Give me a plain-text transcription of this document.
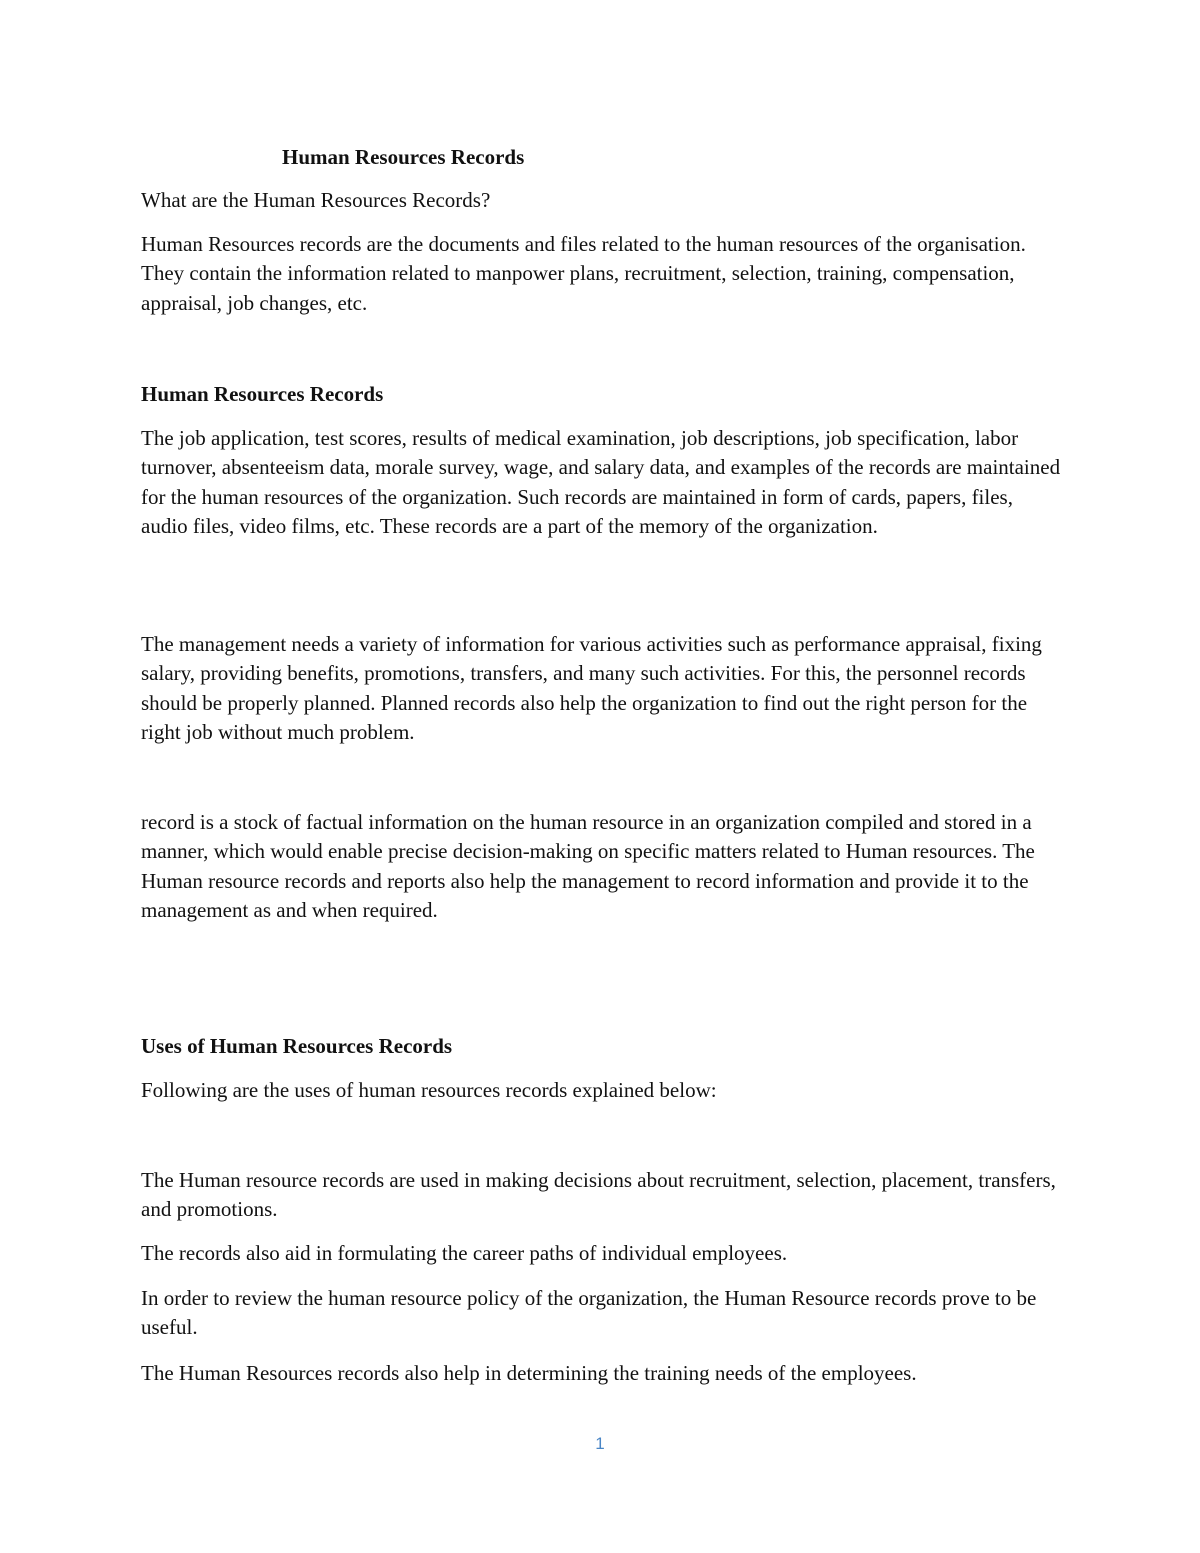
Human Resources Records

What are the Human Resources Records?

Human Resources records are the documents and files related to the human resources of the organisation. They contain the information related to manpower plans, recruitment, selection, training, compensation, appraisal, job changes, etc.

Human Resources Records

The job application, test scores, results of medical examination, job descriptions, job specification, labor turnover, absenteeism data, morale survey, wage, and salary data, and examples of the records are maintained for the human resources of the organization. Such records are maintained in form of cards, papers, files, audio files, video films, etc. These records are a part of the memory of the organization.

The management needs a variety of information for various activities such as performance appraisal, fixing salary, providing benefits, promotions, transfers, and many such activities. For this, the personnel records should be properly planned. Planned records also help the organization to find out the right person for the right job without much problem.

record is a stock of factual information on the human resource in an organization compiled and stored in a manner, which would enable precise decision-making on specific matters related to Human resources. The Human resource records and reports also help the management to record information and provide it to the management as and when required.

Uses of Human Resources Records

Following are the uses of human resources records explained below:

The Human resource records are used in making decisions about recruitment, selection, placement, transfers, and promotions.

The records also aid in formulating the career paths of individual employees.

In order to review the human resource policy of the organization, the Human Resource records prove to be useful.

The Human Resources records also help in determining the training needs of the employees.

1
